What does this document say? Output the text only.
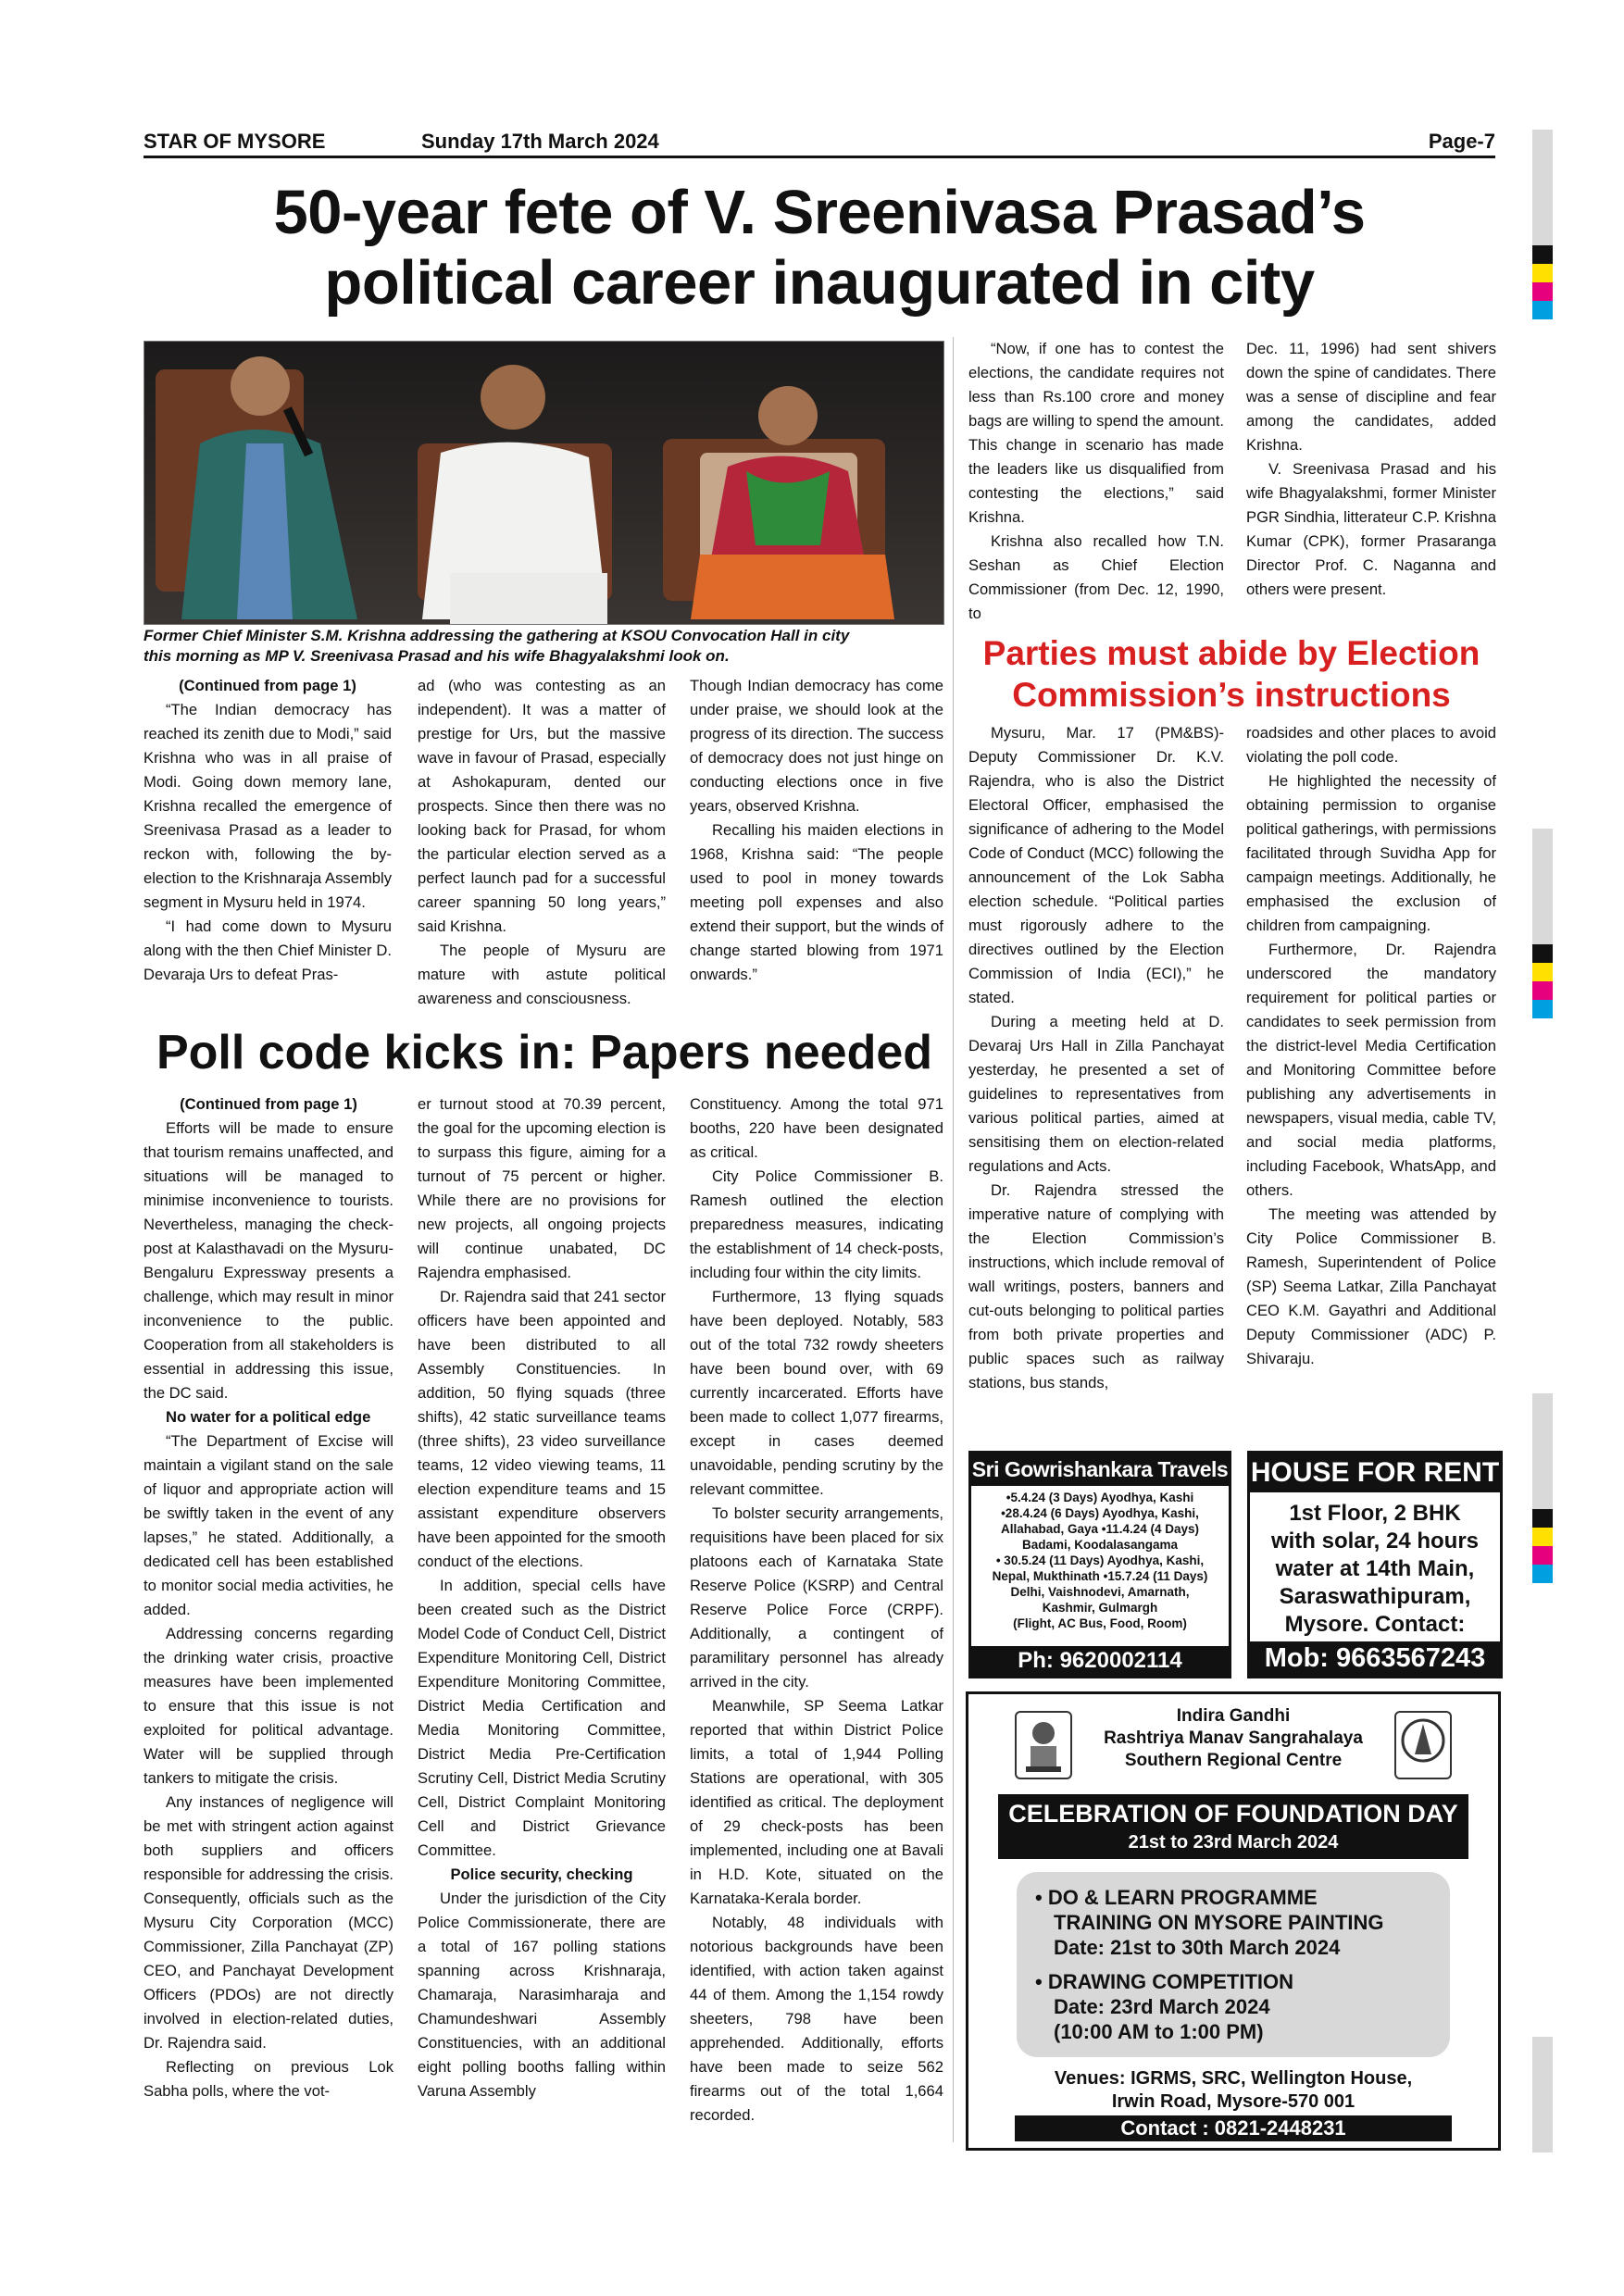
STAR OF MYSORE	Sunday 17th March 2024	Page-7
50-year fete of V. Sreenivasa Prasad’s
political career inaugurated in city
Former Chief Minister S.M. Krishna addressing the gathering at KSOU Convocation Hall in city
this morning as MP V. Sreenivasa Prasad and his wife Bhagyalakshmi look on.

(Continued from page 1)

“The Indian democracy has reached its zenith due to Modi,” said Krishna who was in all praise of Modi. Going down memory lane, Krishna recalled the emergence of Sreenivasa Prasad as a leader to reckon with, following the by-election to the Krishnaraja Assembly segment in Mysuru held in 1974.

“I had come down to Mysuru along with the then Chief Minister D. Devaraja Urs to defeat Pras-

ad (who was contesting as an independent). It was a matter of prestige for Urs, but the massive wave in favour of Prasad, especially at Ashokapuram, dented our prospects. Since then there was no looking back for Prasad, for whom the particular election served as a perfect launch pad for a successful career spanning 50 long years,” said Krishna.

The people of Mysuru are mature with astute political awareness and consciousness.

Though Indian democracy has come under praise, we should look at the progress of its direction. The success of democracy does not just hinge on conducting elections once in five years, observed Krishna.

Recalling his maiden elections in 1968, Krishna said: “The people used to pool in money towards meeting poll expenses and also extend their support, but the winds of change started blowing from 1971 onwards.”

“Now, if one has to contest the elections, the candidate requires not less than Rs.100 crore and money bags are willing to spend the amount. This change in scenario has made the leaders like us disqualified from contesting the elections,” said Krishna.

Krishna also recalled how T.N. Seshan as Chief Election Commissioner (from Dec. 12, 1990, to

Dec. 11, 1996) had sent shivers down the spine of candidates. There was a sense of discipline and fear among the candidates, added Krishna.

V. Sreenivasa Prasad and his wife Bhagyalakshmi, former Minister PGR Sindhia, litterateur C.P. Krishna Kumar (CPK), former Prasaranga Director Prof. C. Naganna and others were present.

Parties must abide by Election
Commission’s instructions

Mysuru, Mar. 17 (PM&BS)- Deputy Commissioner Dr. K.V. Rajendra, who is also the District Electoral Officer, emphasised the significance of adhering to the Model Code of Conduct (MCC) following the announcement of the Lok Sabha election schedule. “Political parties must rigorously adhere to the directives outlined by the Election Commission of India (ECI),” he stated.

During a meeting held at D. Devaraj Urs Hall in Zilla Panchayat yesterday, he presented a set of guidelines to representatives from various political parties, aimed at sensitising them on election-related regulations and Acts.

Dr. Rajendra stressed the imperative nature of complying with the Election Commission’s instructions, which include removal of wall writings, posters, banners and cut-outs belonging to political parties from both private properties and public spaces such as railway stations, bus stands,

roadsides and other places to avoid violating the poll code.

He highlighted the necessity of obtaining permission to organise political gatherings, with permissions facilitated through Suvidha App for campaign meetings. Additionally, he emphasised the exclusion of children from campaigning.

Furthermore, Dr. Rajendra underscored the mandatory requirement for political parties or candidates to seek permission from the district-level Media Certification and Monitoring Committee before publishing any advertisements in newspapers, visual media, cable TV, and social media platforms, including Facebook, WhatsApp, and others.

The meeting was attended by City Police Commissioner B. Ramesh, Superintendent of Police (SP) Seema Latkar, Zilla Panchayat CEO K.M. Gayathri and Additional Deputy Commissioner (ADC) P. Shivaraju.

Poll code kicks in: Papers needed

(Continued from page 1)

Efforts will be made to ensure that tourism remains unaffected, and situations will be managed to minimise inconvenience to tourists. Nevertheless, managing the check-post at Kalasthavadi on the Mysuru-Bengaluru Expressway presents a challenge, which may result in minor inconvenience to the public. Cooperation from all stakeholders is essential in addressing this issue, the DC said.

No water for a political edge

“The Department of Excise will maintain a vigilant stand on the sale of liquor and appropriate action will be swiftly taken in the event of any lapses,” he stated. Additionally, a dedicated cell has been established to monitor social media activities, he added.

Addressing concerns regarding the drinking water crisis, proactive measures have been implemented to ensure that this issue is not exploited for political advantage. Water will be supplied through tankers to mitigate the crisis.

Any instances of negligence will be met with stringent action against both suppliers and officers responsible for addressing the crisis. Consequently, officials such as the Mysuru City Corporation (MCC) Commissioner, Zilla Panchayat (ZP) CEO, and Panchayat Development Officers (PDOs) are not directly involved in election-related duties, Dr. Rajendra said.

Reflecting on previous Lok Sabha polls, where the vot-

er turnout stood at 70.39 percent, the goal for the upcoming election is to surpass this figure, aiming for a turnout of 75 percent or higher. While there are no provisions for new projects, all ongoing projects will continue unabated, DC Rajendra emphasised.

Dr. Rajendra said that 241 sector officers have been appointed and have been distributed to all Assembly Constituencies. In addition, 50 flying squads (three shifts), 42 static surveillance teams (three shifts), 23 video surveillance teams, 12 video viewing teams, 11 election expenditure teams and 15 assistant expenditure observers have been appointed for the smooth conduct of the elections.

In addition, special cells have been created such as the District Model Code of Conduct Cell, District Expenditure Monitoring Cell, District Expenditure Monitoring Committee, District Media Certification and Media Monitoring Committee, District Media Pre-Certification Scrutiny Cell, District Media Scrutiny Cell, District Complaint Monitoring Cell and District Grievance Committee.

Police security, checking

Under the jurisdiction of the City Police Commissionerate, there are a total of 167 polling stations spanning across Krishnaraja, Chamaraja, Narasimharaja and Chamundeshwari Assembly Constituencies, with an additional eight polling booths falling within Varuna Assembly

Constituency. Among the total 971 booths, 220 have been designated as critical.

City Police Commissioner B. Ramesh outlined the election preparedness measures, indicating the establishment of 14 check-posts, including four within the city limits.

Furthermore, 13 flying squads have been deployed. Notably, 583 out of the total 732 rowdy sheeters have been bound over, with 69 currently incarcerated. Efforts have been made to collect 1,077 firearms, except in cases deemed unavoidable, pending scrutiny by the relevant committee.

To bolster security arrangements, requisitions have been placed for six platoons each of Karnataka State Reserve Police (KSRP) and Central Reserve Police Force (CRPF). Additionally, a contingent of paramilitary personnel has already arrived in the city.

Meanwhile, SP Seema Latkar reported that within District Police limits, a total of 1,944 Polling Stations are operational, with 305 identified as critical. The deployment of 29 check-posts has been implemented, including one at Bavali in H.D. Kote, situated on the Karnataka-Kerala border.

Notably, 48 individuals with notorious backgrounds have been identified, with action taken against 44 of them. Among the 1,154 rowdy sheeters, 798 have been apprehended. Additionally, efforts have been made to seize 562 firearms out of the total 1,664 recorded.

Sri Gowrishankara Travels
•5.4.24 (3 Days) Ayodhya, Kashi
•28.4.24 (6 Days) Ayodhya, Kashi,
Allahabad, Gaya •11.4.24 (4 Days)
Badami, Koodalasangama
• 30.5.24 (11 Days) Ayodhya, Kashi,
Nepal, Mukthinath •15.7.24 (11 Days)
Delhi, Vaishnodevi, Amarnath,
Kashmir, Gulmargh
(Flight, AC Bus, Food, Room)
Ph: 9620002114
HOUSE FOR RENT
1st Floor, 2 BHK
with solar, 24 hours
water at 14th Main,
Saraswathipuram,
Mysore. Contact:
Mob: 9663567243
Indira Gandhi
Rashtriya Manav Sangrahalaya
Southern Regional Centre
CELEBRATION OF FOUNDATION DAY
21st to 23rd March 2024
• DO & LEARN PROGRAMME
TRAINING ON MYSORE PAINTING
Date: 21st to 30th March 2024
• DRAWING COMPETITION
Date: 23rd March 2024
(10:00 AM to 1:00 PM)
Venues: IGRMS, SRC, Wellington House,
Irwin Road, Mysore-570 001
Contact : 0821-2448231
